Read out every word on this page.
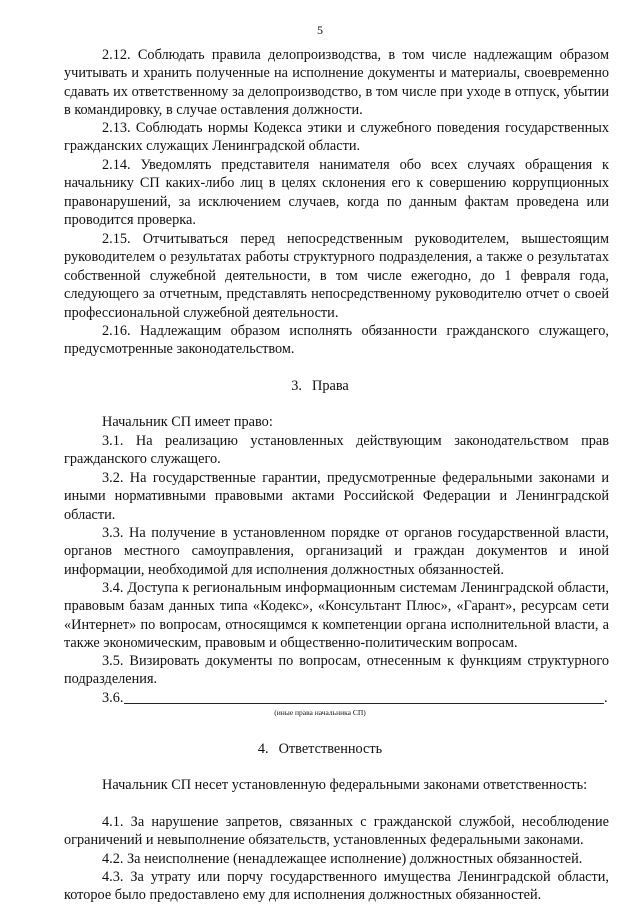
5
2.12. Соблюдать правила делопроизводства, в том числе надлежащим образом учитывать и хранить полученные на исполнение документы и материалы, своевременно сдавать их ответственному за делопроизводство, в том числе при уходе в отпуск, убытии в командировку, в случае оставления должности.
2.13. Соблюдать нормы Кодекса этики и служебного поведения государственных гражданских служащих Ленинградской области.
2.14. Уведомлять представителя нанимателя обо всех случаях обращения к начальнику СП каких-либо лиц в целях склонения его к совершению коррупционных правонарушений, за исключением случаев, когда по данным фактам проведена или проводится проверка.
2.15. Отчитываться перед непосредственным руководителем, вышестоящим руководителем о результатах работы структурного подразделения, а также о результатах собственной служебной деятельности, в том числе ежегодно, до 1 февраля года, следующего за отчетным, представлять непосредственному руководителю отчет о своей профессиональной служебной деятельности.
2.16. Надлежащим образом исполнять обязанности гражданского служащего, предусмотренные законодательством.
3. Права
Начальник СП имеет право:
3.1. На реализацию установленных действующим законодательством прав гражданского служащего.
3.2. На государственные гарантии, предусмотренные федеральными законами и иными нормативными правовыми актами Российской Федерации и Ленинградской области.
3.3. На получение в установленном порядке от органов государственной власти, органов местного самоуправления, организаций и граждан документов и иной информации, необходимой для исполнения должностных обязанностей.
3.4. Доступа к региональным информационным системам Ленинградской области, правовым базам данных типа «Кодекс», «Консультант Плюс», «Гарант», ресурсам сети «Интернет» по вопросам, относящимся к компетенции органа исполнительной власти, а также экономическим, правовым и общественно-политическим вопросам.
3.5. Визировать документы по вопросам, отнесенным к функциям структурного подразделения.
3.6.	.
(иные права начальника СП)
4. Ответственность
Начальник СП несет установленную федеральными законами ответственность:
4.1. За нарушение запретов, связанных с гражданской службой, несоблюдение ограничений и невыполнение обязательств, установленных федеральными законами.
4.2. За неисполнение (ненадлежащее исполнение) должностных обязанностей.
4.3. За утрату или порчу государственного имущества Ленинградской области, которое было предоставлено ему для исполнения должностных обязанностей.
